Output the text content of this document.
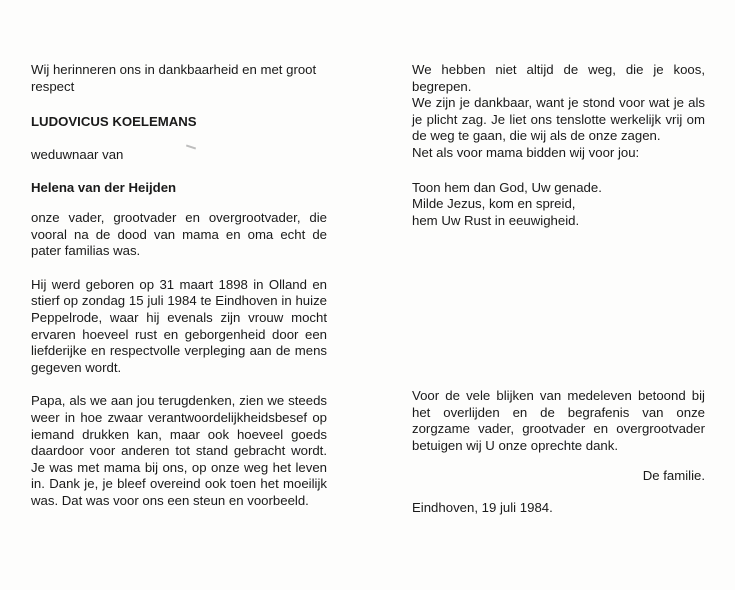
Wij herinneren ons in dankbaarheid en met groot respect

LUDOVICUS KOELEMANS

weduwnaar van

Helena van der Heijden

onze vader, grootvader en overgrootvader, die vooral na de dood van mama en oma echt de pater familias was.

Hij werd geboren op 31 maart 1898 in Olland en stierf op zondag 15 juli 1984 te Eindhoven in huize Peppelrode, waar hij evenals zijn vrouw mocht ervaren hoeveel rust en geborgenheid door een liefderijke en respectvolle verpleging aan de mens gegeven wordt.

Papa, als we aan jou terugdenken, zien we steeds weer in hoe zwaar verantwoordelijkheidsbesef op iemand drukken kan, maar ook hoeveel goeds daardoor voor anderen tot stand gebracht wordt. Je was met mama bij ons, op onze weg het leven in. Dank je, je bleef overeind ook toen het moeilijk was. Dat was voor ons een steun en voorbeeld.

We hebben niet altijd de weg, die je koos, begrepen.

We zijn je dankbaar, want je stond voor wat je als je plicht zag. Je liet ons tenslotte werkelijk vrij om de weg te gaan, die wij als de onze zagen.

Net als voor mama bidden wij voor jou:

Toon hem dan God, Uw genade.

Milde Jezus, kom en spreid,

hem Uw Rust in eeuwigheid.

Voor de vele blijken van medeleven betoond bij het overlijden en de begrafenis van onze zorgzame vader, grootvader en overgrootvader betuigen wij U onze oprechte dank.

De familie.

Eindhoven, 19 juli 1984.
